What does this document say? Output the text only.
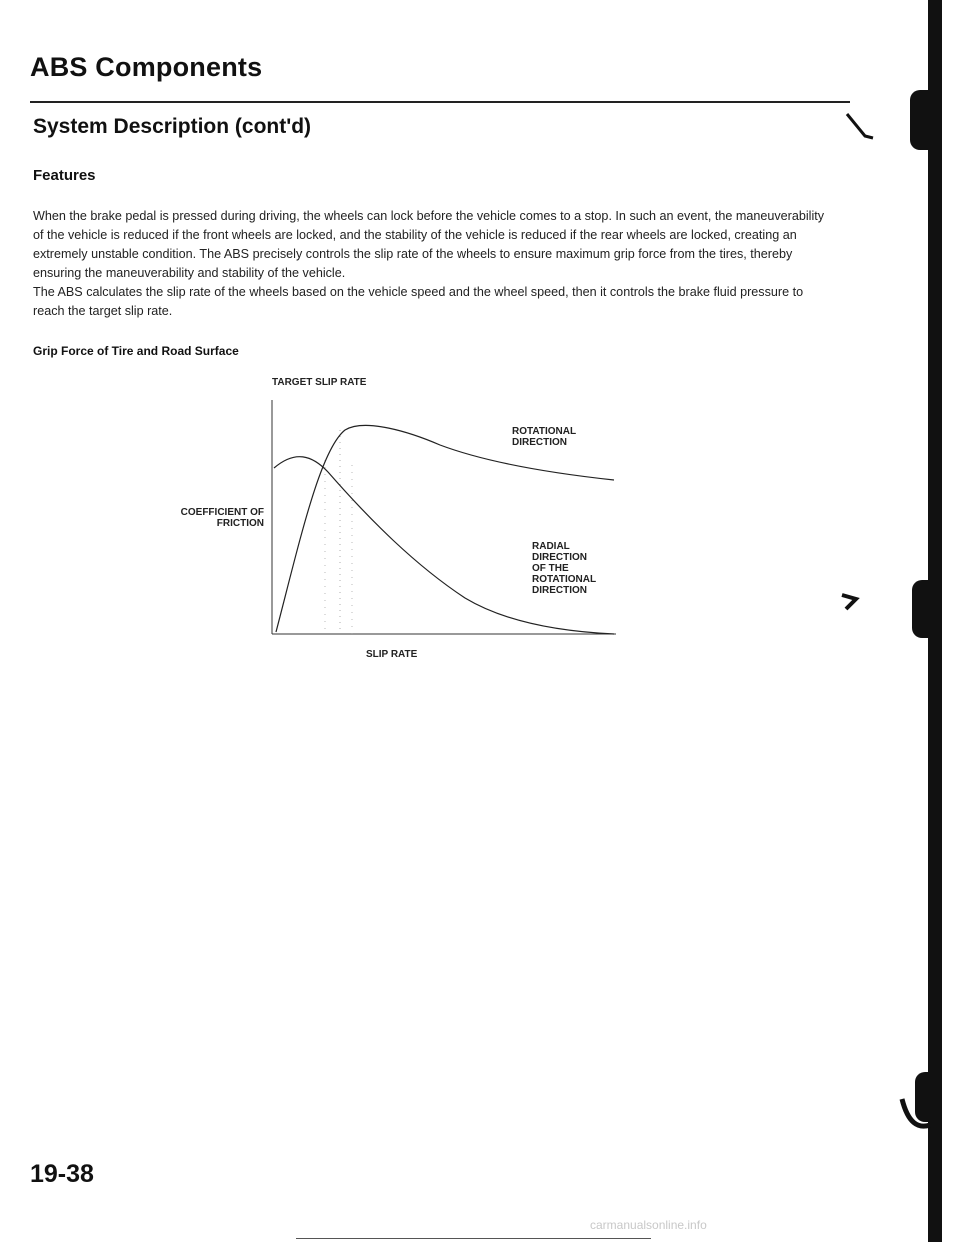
ABS Components
System Description (cont'd)
Features

When the brake pedal is pressed during driving, the wheels can lock before the vehicle comes to a stop. In such an event, the maneuverability of the vehicle is reduced if the front wheels are locked, and the stability of the vehicle is reduced if the rear wheels are locked, creating an extremely unstable condition. The ABS precisely controls the slip rate of the wheels to ensure maximum grip force from the tires, thereby ensuring the maneuverability and stability of the vehicle.

The ABS calculates the slip rate of the wheels based on the vehicle speed and the wheel speed, then it controls the brake fluid pressure to reach the target slip rate.

Grip Force of Tire and Road Surface
TARGET SLIP RATE
ROTATIONAL
DIRECTION
RADIAL
DIRECTION
OF THE
ROTATIONAL
DIRECTION
COEFFICIENT OF
FRICTION
SLIP RATE
19-38
carmanualsonline.info
